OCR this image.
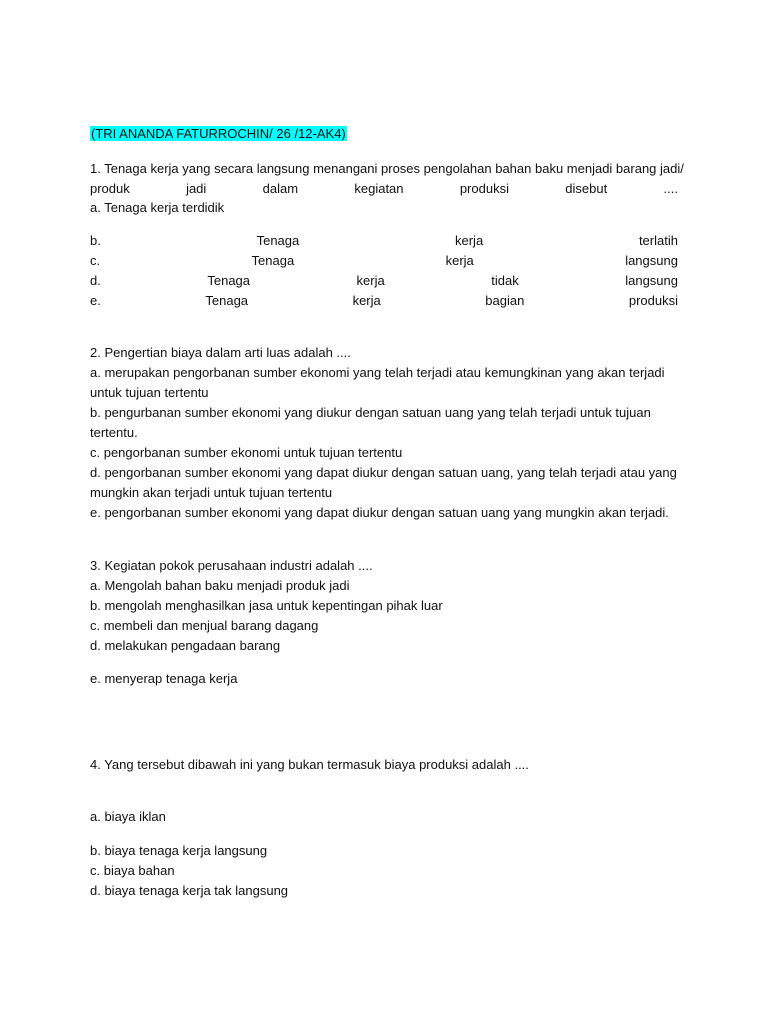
(TRI ANANDA FATURROCHIN/ 26 /12-AK4)
1. Tenaga kerja yang secara langsung menangani proses pengolahan bahan baku menjadi barang jadi/
produk	jadi	dalam	kegiatan	produksi	disebut	....
a. Tenaga kerja terdidik
b.	Tenaga	kerja	terlatih
c.	Tenaga	kerja	langsung
d.	Tenaga	kerja	tidak	langsung
e.	Tenaga	kerja	bagian	produksi
2. Pengertian biaya dalam arti luas adalah ....
a. merupakan pengorbanan sumber ekonomi yang telah terjadi atau kemungkinan yang akan terjadi
untuk tujuan tertentu
b. pengurbanan sumber ekonomi yang diukur dengan satuan uang yang telah terjadi untuk tujuan
tertentu.
c. pengorbanan sumber ekonomi untuk tujuan tertentu
d. pengorbanan sumber ekonomi yang dapat diukur dengan satuan uang, yang telah terjadi atau yang
mungkin akan terjadi untuk tujuan tertentu
e. pengorbanan sumber ekonomi yang dapat diukur dengan satuan uang yang mungkin akan terjadi.
3. Kegiatan pokok perusahaan industri adalah ....
a. Mengolah bahan baku menjadi produk jadi
b. mengolah menghasilkan jasa untuk kepentingan pihak luar
c. membeli dan menjual barang dagang
d. melakukan pengadaan barang
e. menyerap tenaga kerja
4. Yang tersebut dibawah ini yang bukan termasuk biaya produksi adalah ....
a. biaya iklan
b. biaya tenaga kerja langsung
c. biaya bahan
d. biaya tenaga kerja tak langsung
